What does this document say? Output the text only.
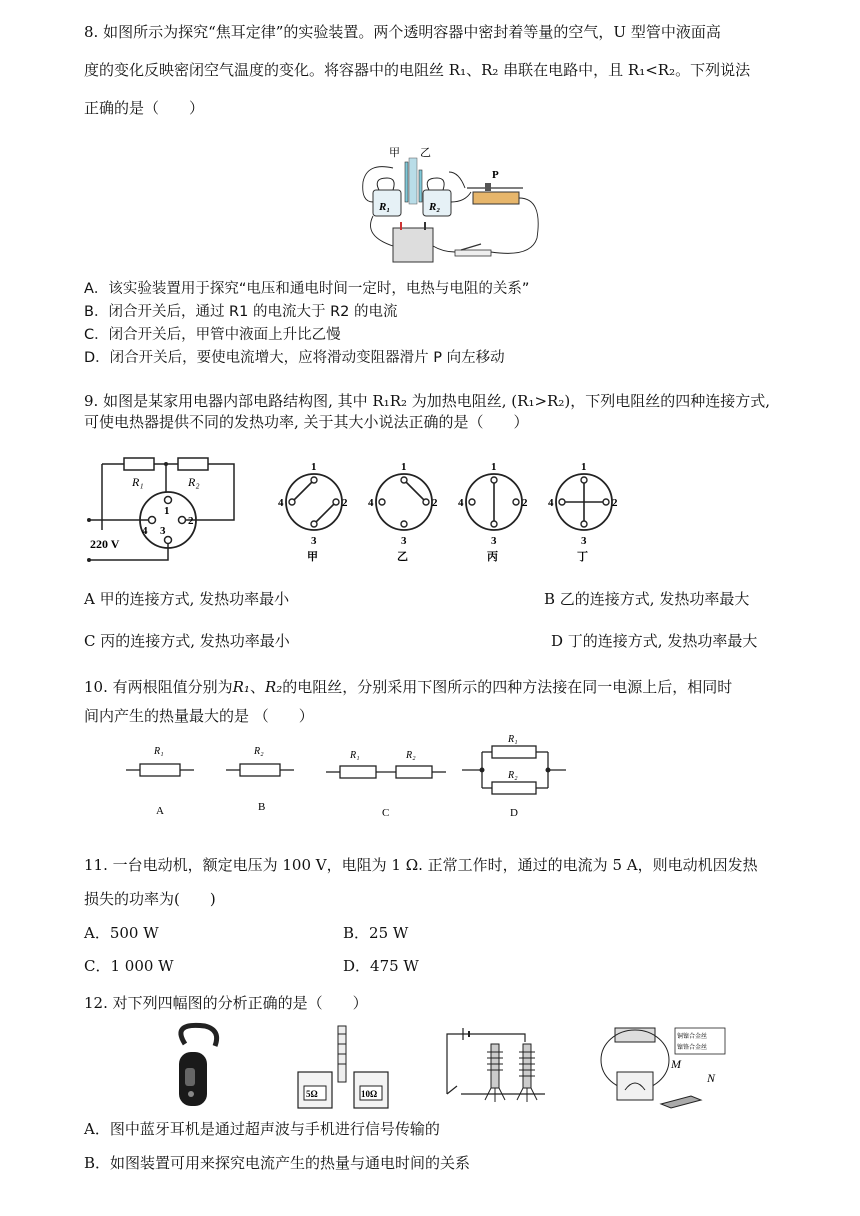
8. 如图所示为探究“焦耳定律”的实验装置。两个透明容器中密封着等量的空气，U 型管中液面高
度的变化反映密闭空气温度的变化。将容器中的电阻丝 R₁、R₂ 串联在电路中，且 R₁<R₂。下列说法
正确的是（　　）
甲 乙
P
R₁	R₂
A．该实验装置用于探究“电压和通电时间一定时，电热与电阻的关系”
B．闭合开关后，通过 R1 的电流大于 R2 的电流
C．闭合开关后，甲管中液面上升比乙慢
D．闭合开关后，要使电流增大，应将滑动变阻器滑片 P 向左移动
9. 如图是某家用电器内部电路结构图, 其中 R₁R₂ 为加热电阻丝, (R₁>R₂)，下列电阻丝的四种连接方式,
可使电热器提供不同的发热功率, 关于其大小说法正确的是（　　）
R₁	R₂
1
2
3
4
220 V
1
2
3
4
甲
1
2
3
4
乙
1
2
3
4
丙
1
2
3
4
丁
A 甲的连接方式, 发热功率最小	B 乙的连接方式, 发热功率最大
C 丙的连接方式, 发热功率最小	D 丁的连接方式, 发热功率最大
10. 有两根阻值分别为R₁、R₂的电阻丝，分别采用下图所示的四种方法接在同一电源上后，相同时
间内产生的热量最大的是 （　　）
R₁
A
R₂
B
R₁	R₂
C
R₁
R₂
D
11. 一台电动机，额定电压为 100 V，电阻为 1 Ω. 正常工作时，通过的电流为 5 A，则电动机因发热
损失的功率为(　　)
A．500 W	B．25 W
C．1 000 W	D．475 W
12. 对下列四幅图的分析正确的是（　　）
5Ω	10Ω
铜镍合金丝
镍铬合金丝
M
N
A．图中蓝牙耳机是通过超声波与手机进行信号传输的
B．如图装置可用来探究电流产生的热量与通电时间的关系
